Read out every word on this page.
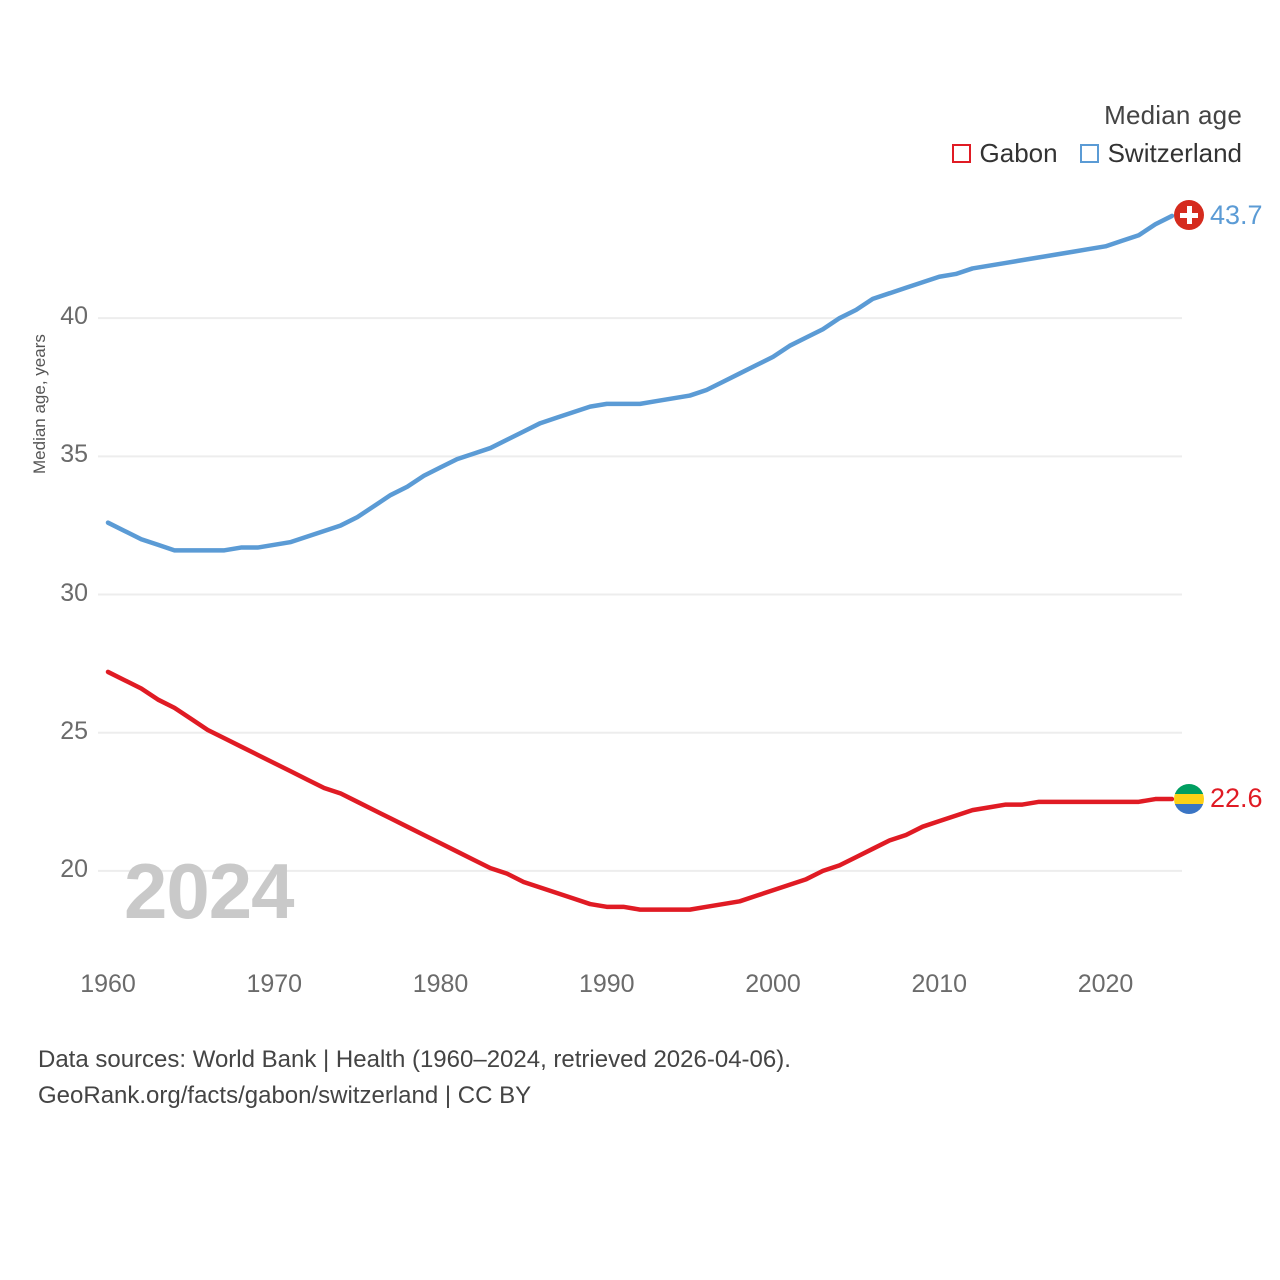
Median age
Gabon Switzerland
Median age, years
20
25
30
35
40
1960	1970	1980	1990	2000	2010	2020
2024
43.7
22.6
Data sources: World Bank | Health (1960–2024, retrieved 2026-04-06).
GeoRank.org/facts/gabon/switzerland | CC BY
